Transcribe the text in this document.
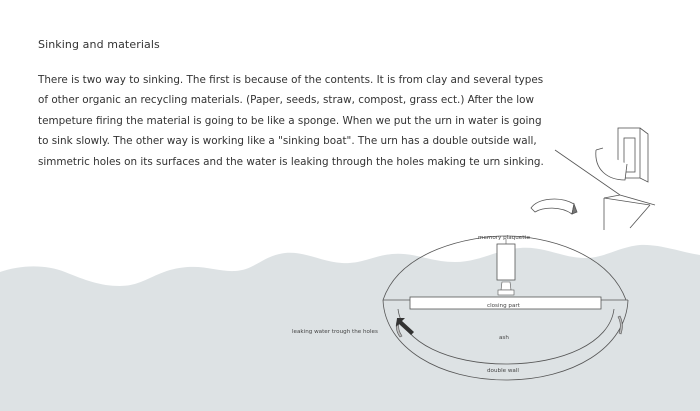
Sinking and materials
There is two way to sinking. The first is because of the contents. It is from clay and several types
of other organic an recycling materials. (Paper, seeds, straw, compost, grass ect.) After the low
tempeture firing the material is going to be like a sponge. When we put the urn in water is going
to sink slowly. The other way is working like a "sinking boat". The urn has a double outside wall,
simmetric holes on its surfaces and the water is leaking through the holes making te urn sinking.
memory plaquette
closing part
leaking water trough the holes
ash
double wall
